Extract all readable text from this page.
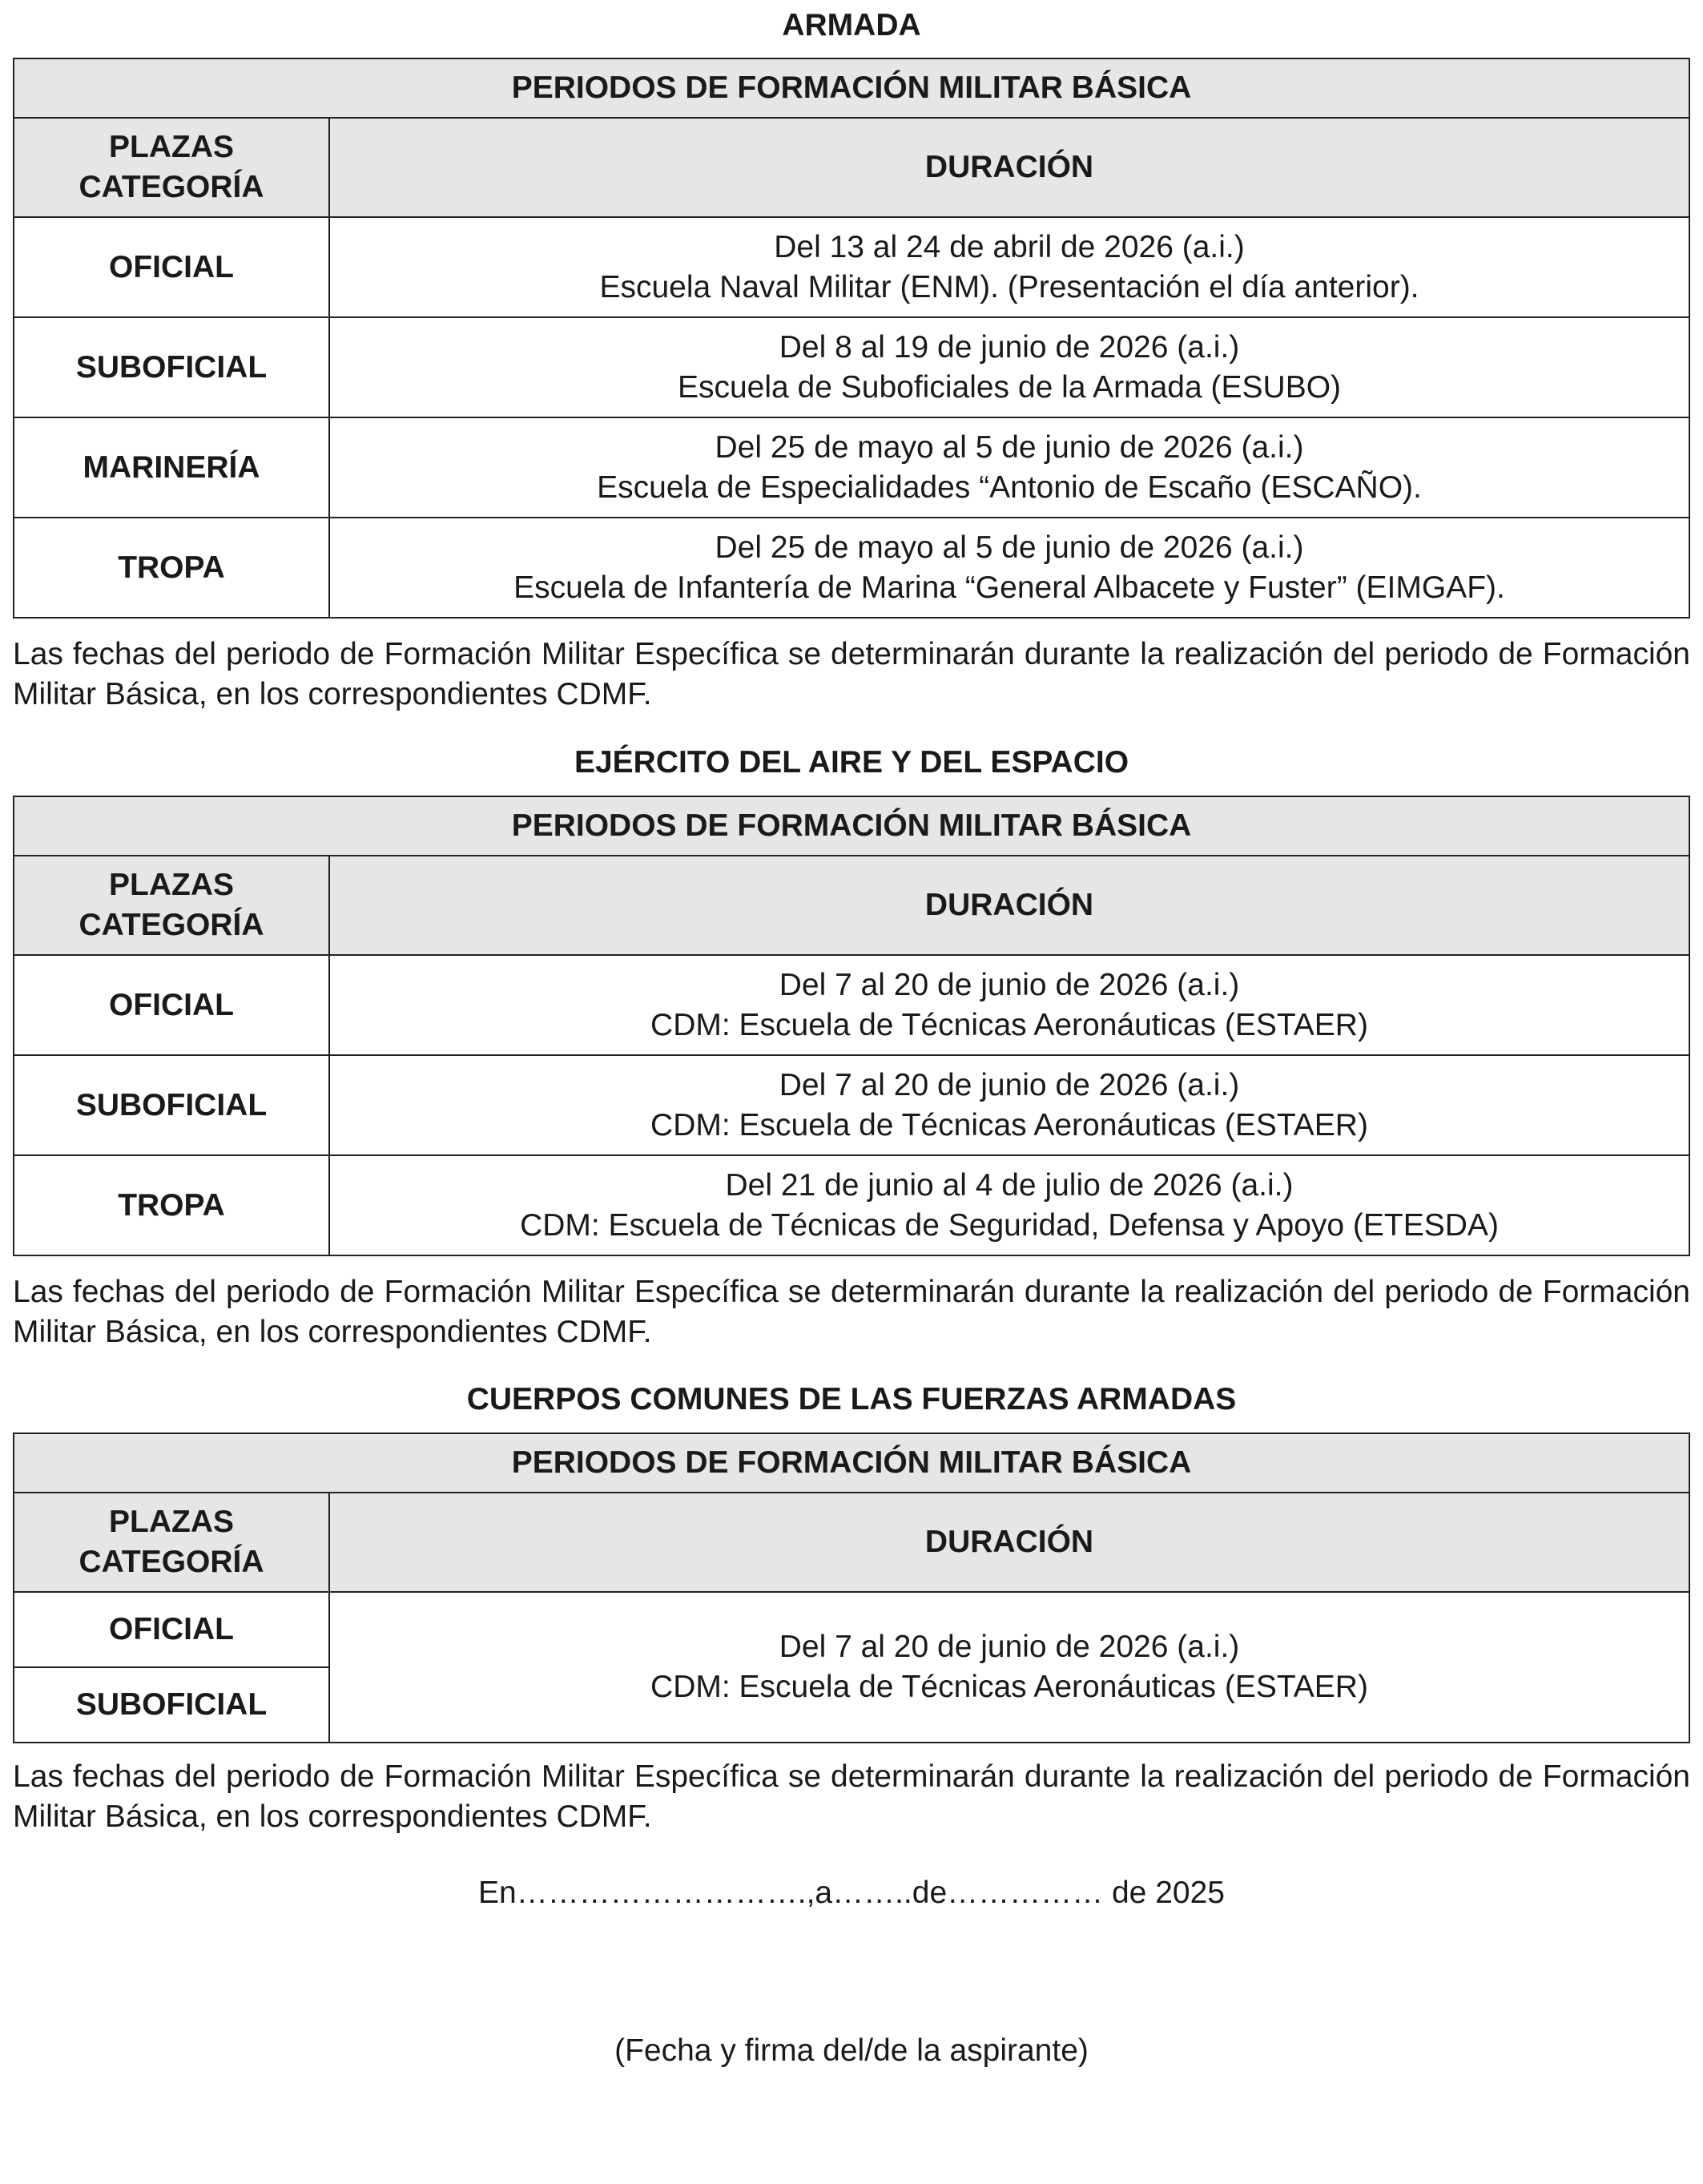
ARMADA
PERIODOS DE FORMACIÓN MILITAR BÁSICA	
PLAZAS
CATEGORÍA	DURACIÓN
OFICIAL	Del 13 al 24 de abril de 2026 (a.i.)
Escuela Naval Militar (ENM). (Presentación el día anterior).
SUBOFICIAL	Del 8 al 19 de junio de 2026 (a.i.)
Escuela de Suboficiales de la Armada (ESUBO)
MARINERÍA	Del 25 de mayo al 5 de junio de 2026 (a.i.)
Escuela de Especialidades “Antonio de Escaño (ESCAÑO).
TROPA	Del 25 de mayo al 5 de junio de 2026 (a.i.)
Escuela de Infantería de Marina “General Albacete y Fuster” (EIMGAF).
Las fechas del periodo de Formación Militar Específica se determinarán durante la realización del periodo de Formación Militar Básica, en los correspondientes CDMF.
EJÉRCITO DEL AIRE Y DEL ESPACIO
PERIODOS DE FORMACIÓN MILITAR BÁSICA	
PLAZAS
CATEGORÍA	DURACIÓN
OFICIAL	Del 7 al 20 de junio de 2026 (a.i.)
CDM: Escuela de Técnicas Aeronáuticas (ESTAER)
SUBOFICIAL	Del 7 al 20 de junio de 2026 (a.i.)
CDM: Escuela de Técnicas Aeronáuticas (ESTAER)
TROPA	Del 21 de junio al 4 de julio de 2026 (a.i.)
CDM: Escuela de Técnicas de Seguridad, Defensa y Apoyo (ETESDA)
Las fechas del periodo de Formación Militar Específica se determinarán durante la realización del periodo de Formación Militar Básica, en los correspondientes CDMF.
CUERPOS COMUNES DE LAS FUERZAS ARMADAS
PERIODOS DE FORMACIÓN MILITAR BÁSICA	
PLAZAS
CATEGORÍA	DURACIÓN
OFICIAL	Del 7 al 20 de junio de 2026 (a.i.)
CDM: Escuela de Técnicas Aeronáuticas (ESTAER)
SUBOFICIAL	
Las fechas del periodo de Formación Militar Específica se determinarán durante la realización del periodo de Formación Militar Básica, en los correspondientes CDMF.
En……………………….,a……..de…………… de 2025
(Fecha y firma del/de la aspirante)
